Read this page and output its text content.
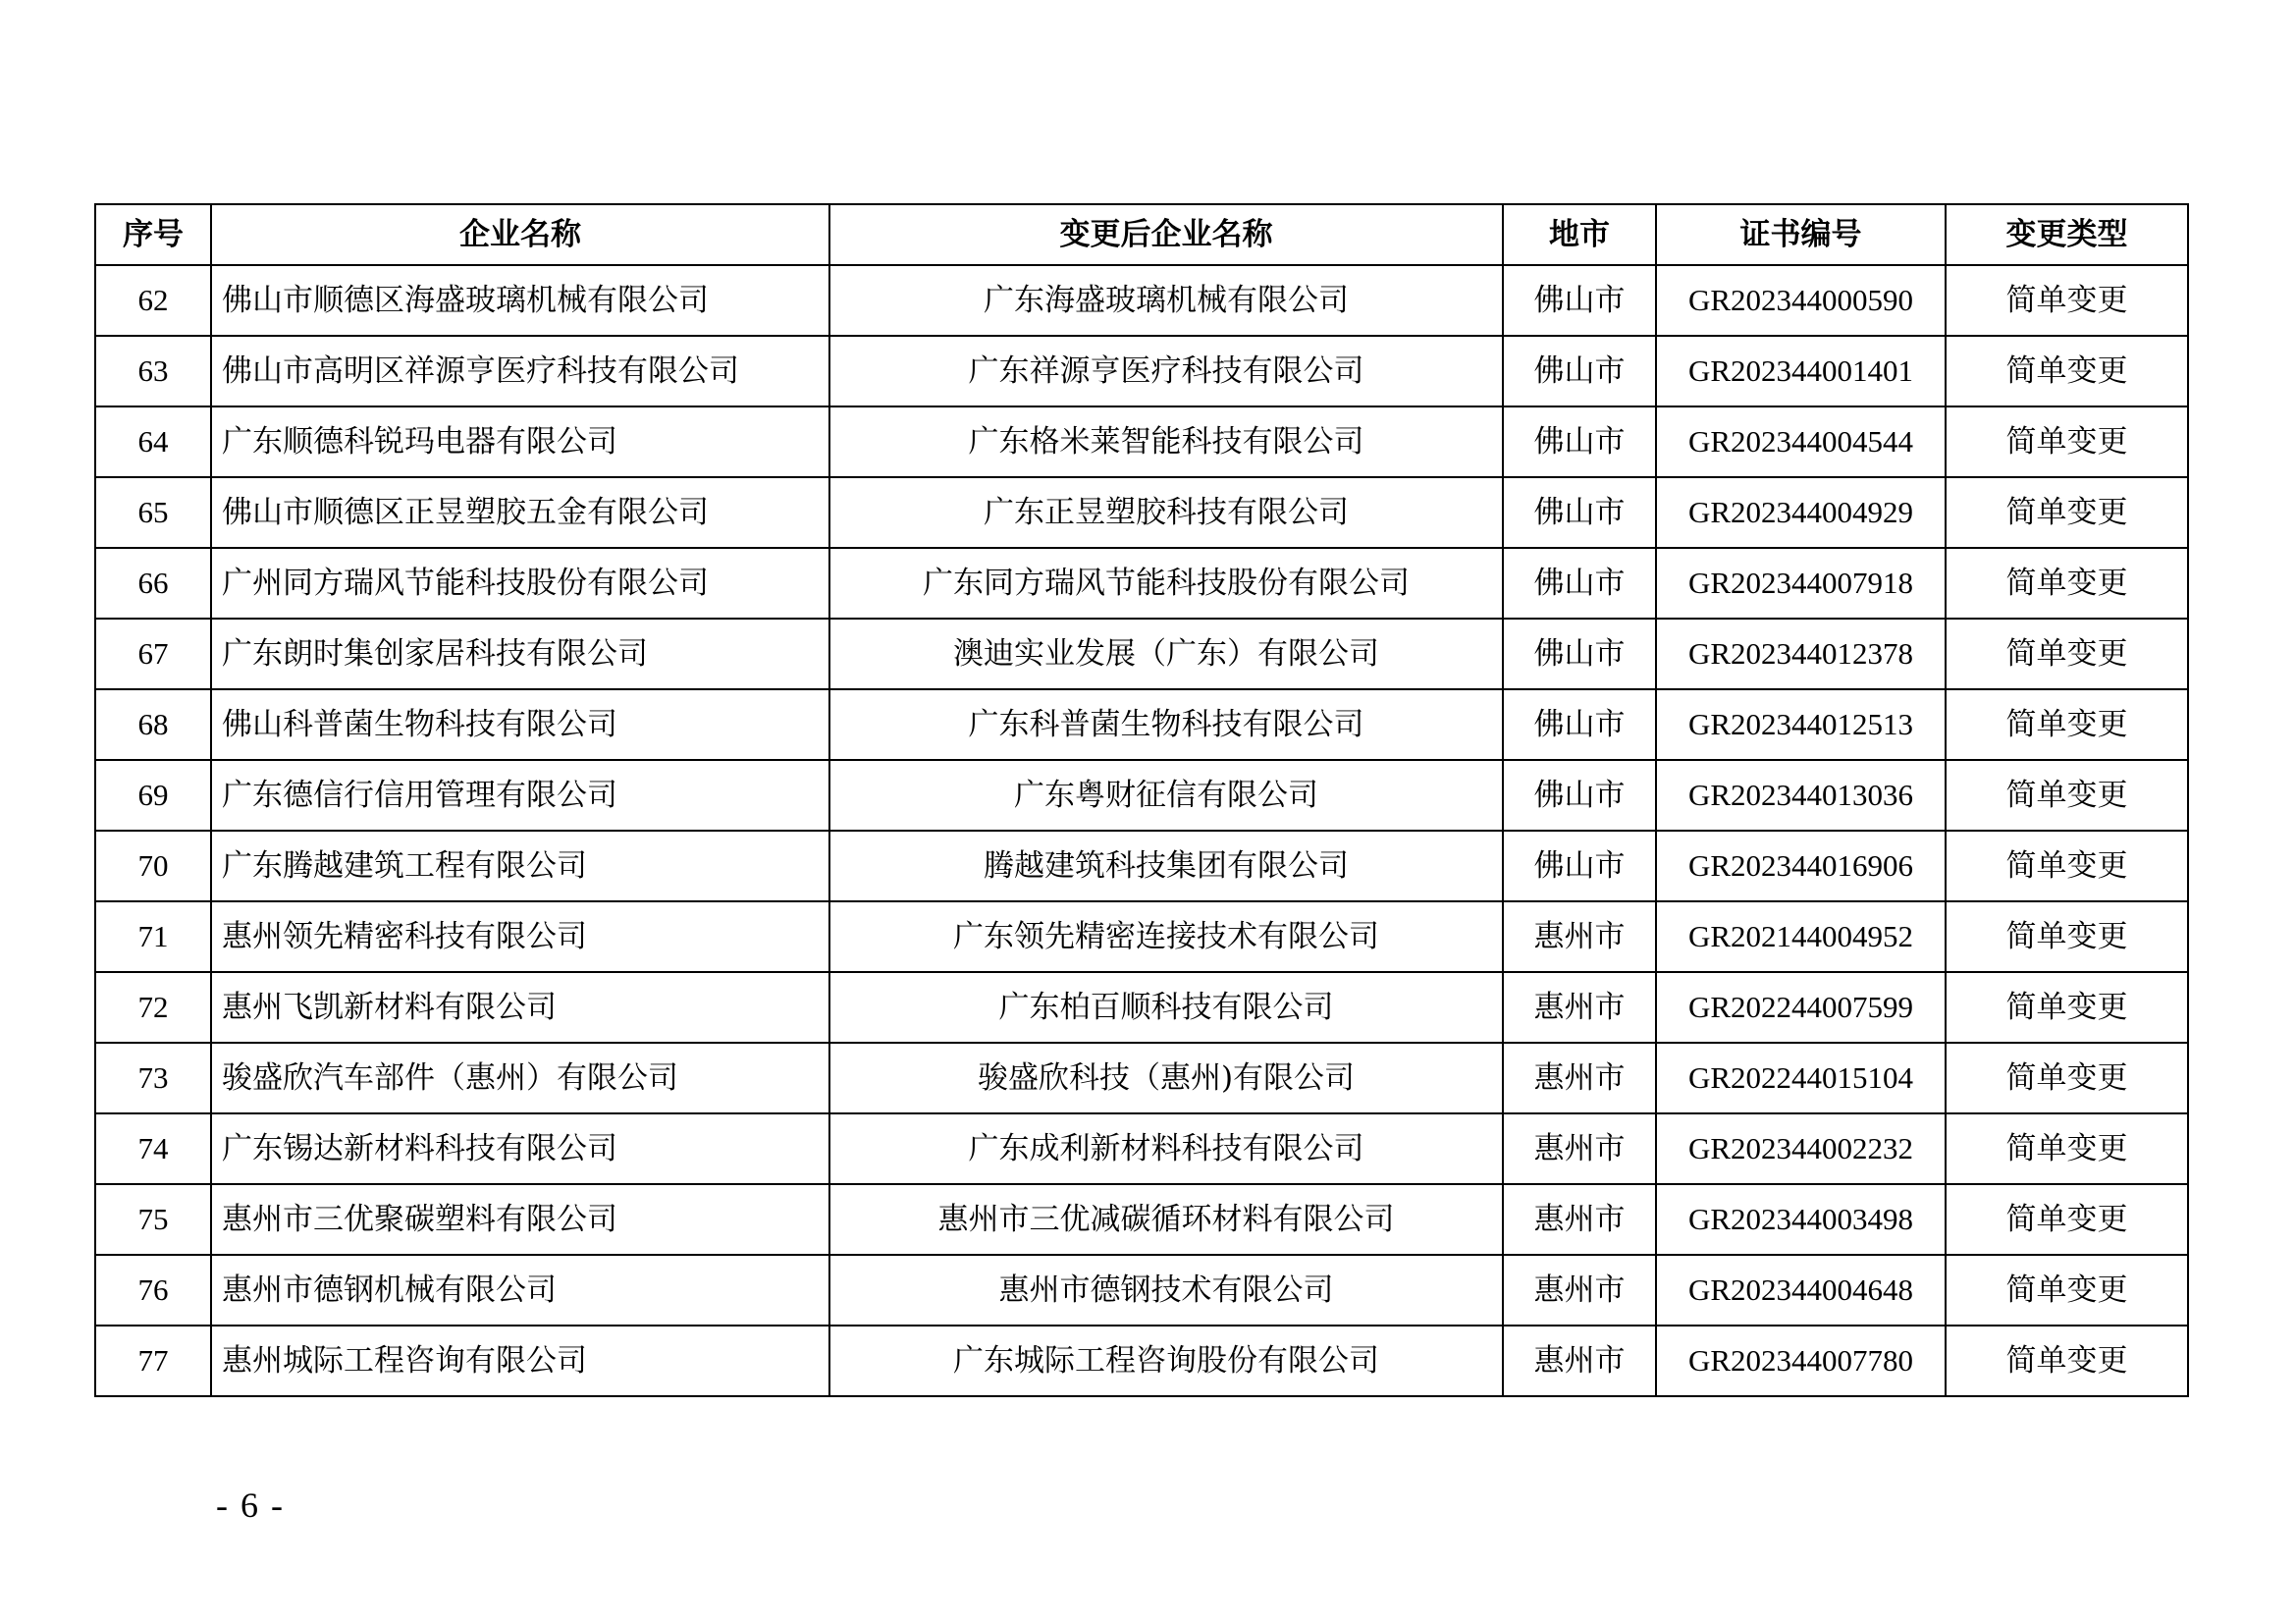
序号	企业名称	变更后企业名称	地市	证书编号	变更类型
62	佛山市顺德区海盛玻璃机械有限公司	广东海盛玻璃机械有限公司	佛山市	GR202344000590	简单变更
63	佛山市高明区祥源亨医疗科技有限公司	广东祥源亨医疗科技有限公司	佛山市	GR202344001401	简单变更
64	广东顺德科锐玛电器有限公司	广东格米莱智能科技有限公司	佛山市	GR202344004544	简单变更
65	佛山市顺德区正昱塑胶五金有限公司	广东正昱塑胶科技有限公司	佛山市	GR202344004929	简单变更
66	广州同方瑞风节能科技股份有限公司	广东同方瑞风节能科技股份有限公司	佛山市	GR202344007918	简单变更
67	广东朗时集创家居科技有限公司	澳迪实业发展（广东）有限公司	佛山市	GR202344012378	简单变更
68	佛山科普菌生物科技有限公司	广东科普菌生物科技有限公司	佛山市	GR202344012513	简单变更
69	广东德信行信用管理有限公司	广东粤财征信有限公司	佛山市	GR202344013036	简单变更
70	广东腾越建筑工程有限公司	腾越建筑科技集团有限公司	佛山市	GR202344016906	简单变更
71	惠州领先精密科技有限公司	广东领先精密连接技术有限公司	惠州市	GR202144004952	简单变更
72	惠州飞凯新材料有限公司	广东柏百顺科技有限公司	惠州市	GR202244007599	简单变更
73	骏盛欣汽车部件（惠州）有限公司	骏盛欣科技（惠州)有限公司	惠州市	GR202244015104	简单变更
74	广东锡达新材料科技有限公司	广东成利新材料科技有限公司	惠州市	GR202344002232	简单变更
75	惠州市三优聚碳塑料有限公司	惠州市三优减碳循环材料有限公司	惠州市	GR202344003498	简单变更
76	惠州市德钢机械有限公司	惠州市德钢技术有限公司	惠州市	GR202344004648	简单变更
77	惠州城际工程咨询有限公司	广东城际工程咨询股份有限公司	惠州市	GR202344007780	简单变更
- 6 -
